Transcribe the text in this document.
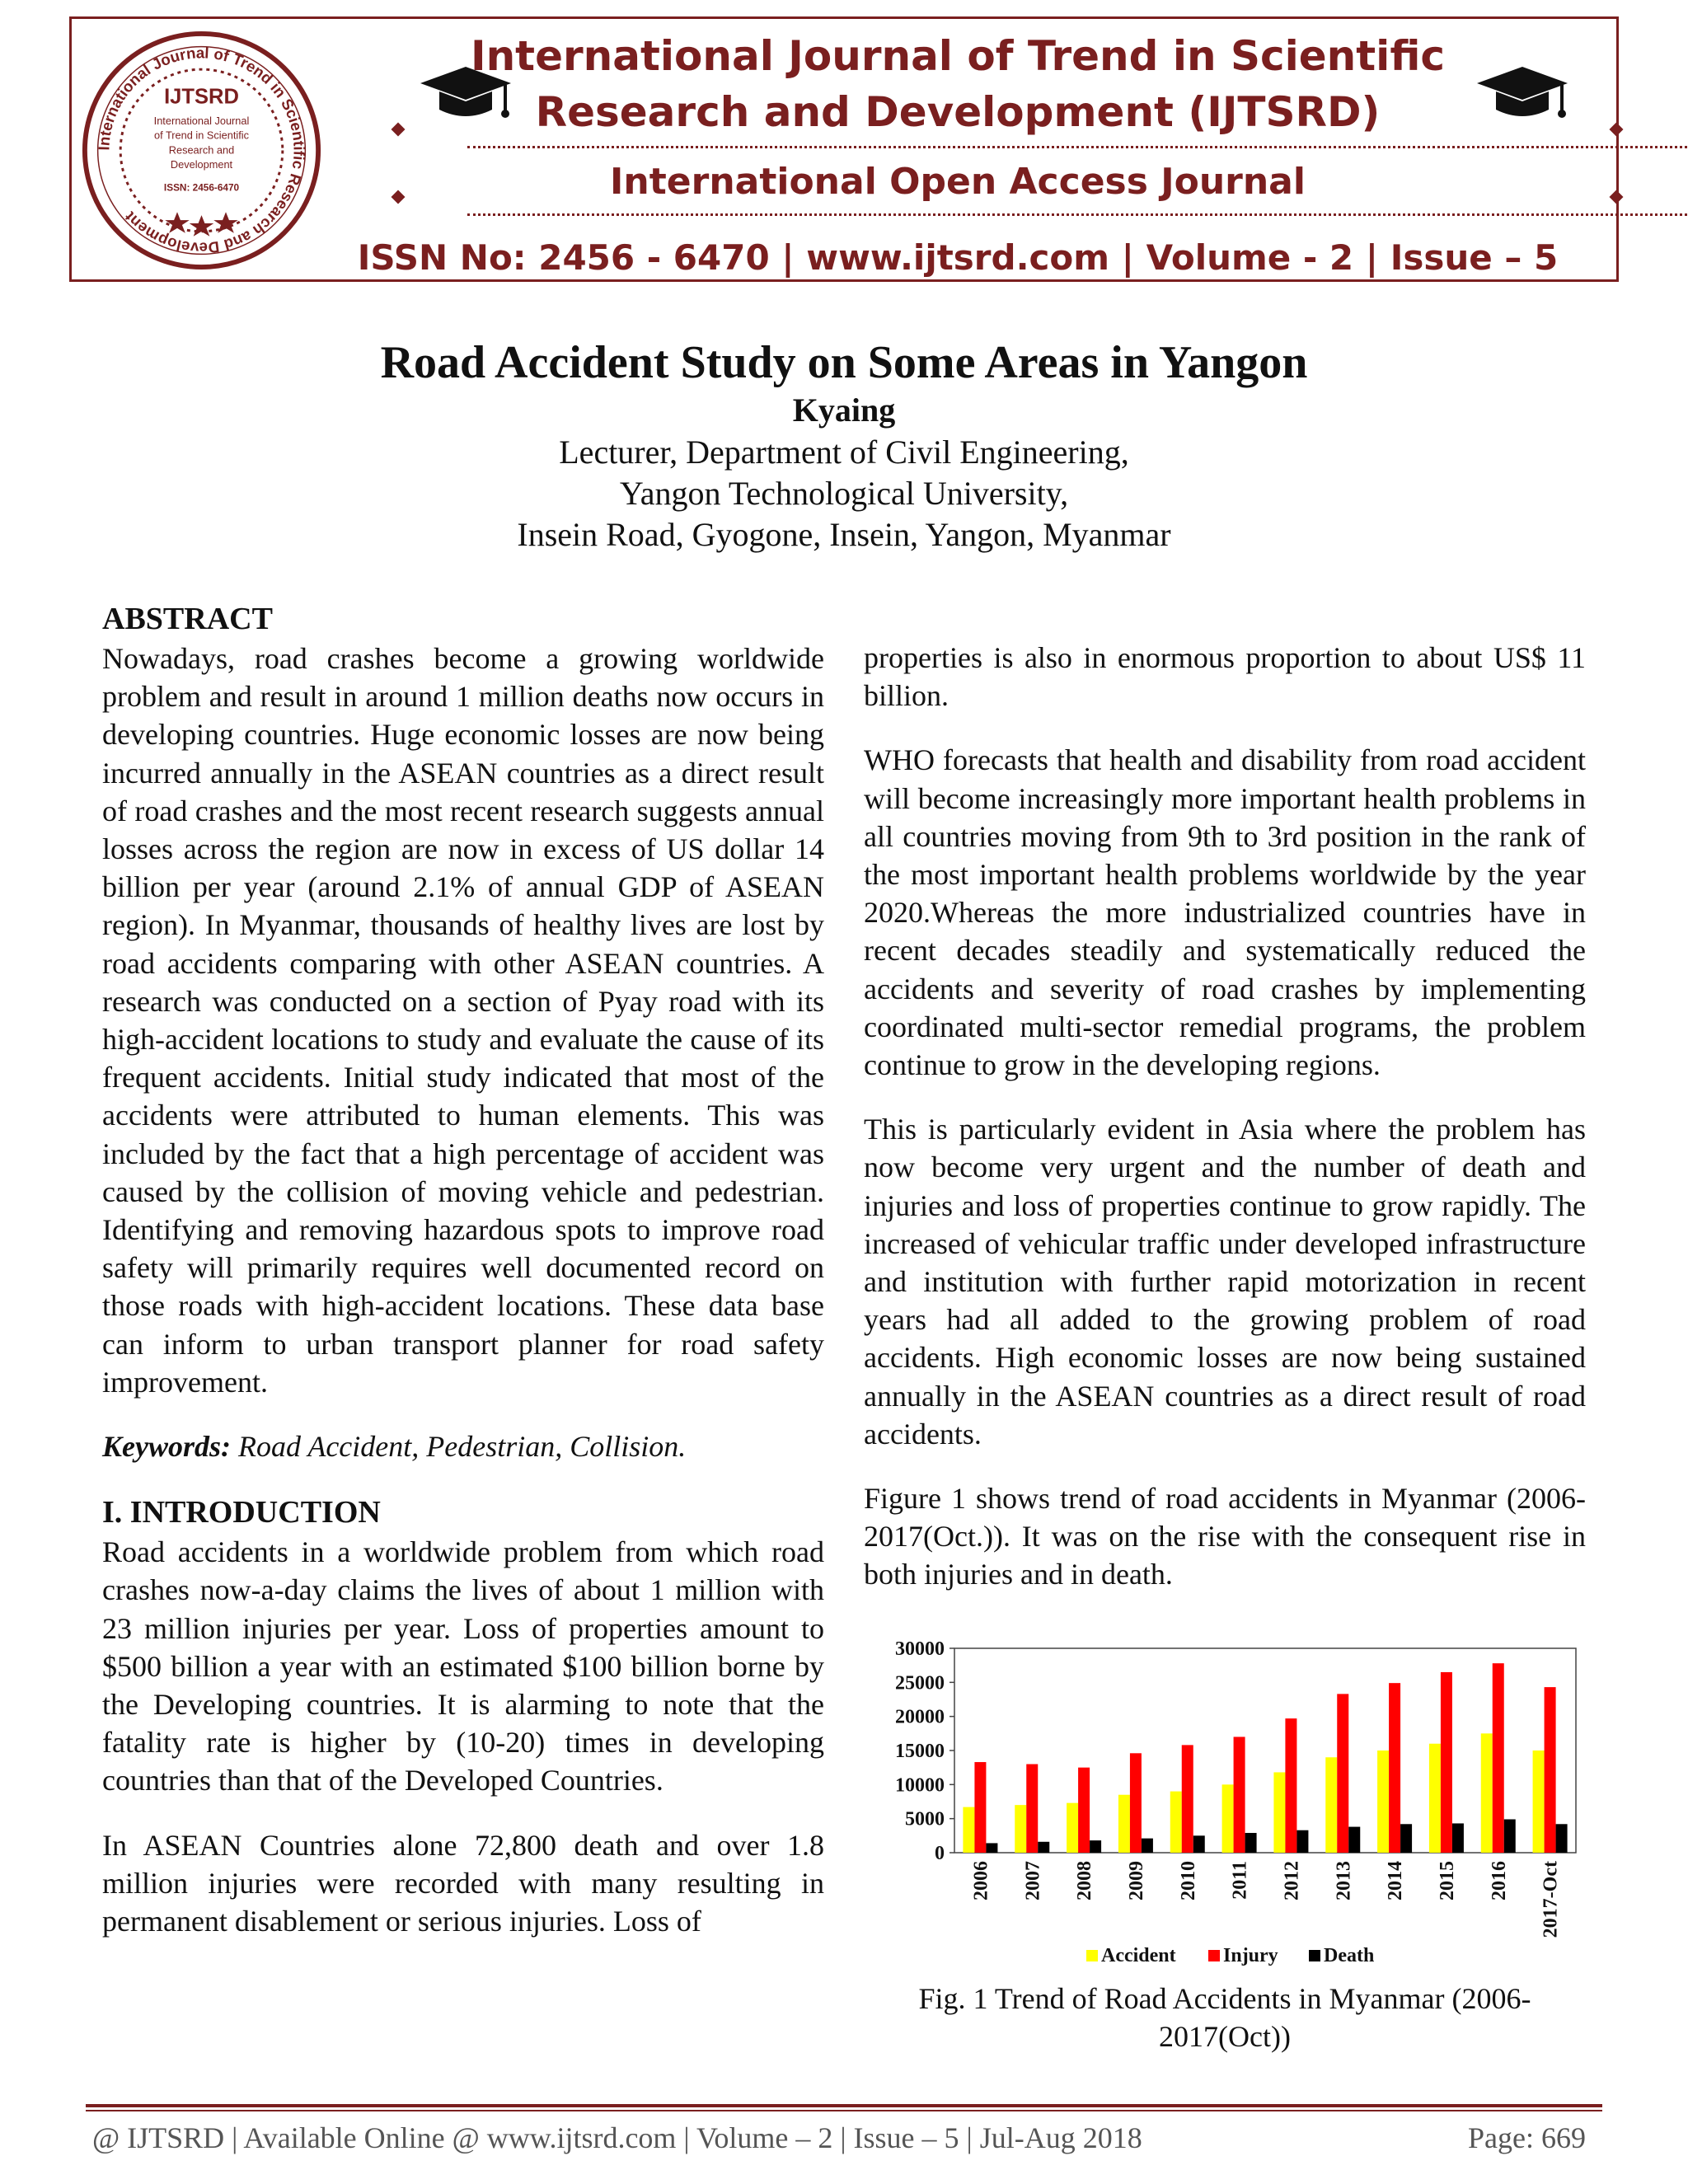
International Journal of Trend in Scientific Research and Development
IJTSRD
International Journal
of Trend in Scientific
Research and
Development
ISSN: 2456-6470
International Journal of Trend in Scientific
Research and Development (IJTSRD)
International Open Access Journal
ISSN No: 2456 - 6470 | www.ijtsrd.com | Volume - 2 | Issue – 5
Road Accident Study on Some Areas in Yangon
Kyaing
Lecturer, Department of Civil Engineering,
Yangon Technological University,
Insein Road, Gyogone, Insein, Yangon, Myanmar
ABSTRACT

Nowadays, road crashes become a growing worldwide problem and result in around 1 million deaths now occurs in developing countries. Huge economic losses are now being incurred annually in the ASEAN countries as a direct result of road crashes and the most recent research suggests annual losses across the region are now in excess of US dollar 14 billion per year (around 2.1% of annual GDP of ASEAN region). In Myanmar, thousands of healthy lives are lost by road accidents comparing with other ASEAN countries. A research was conducted on a section of Pyay road with its high-accident locations to study and evaluate the cause of its frequent accidents. Initial study indicated that most of the accidents were attributed to human elements. This was included by the fact that a high percentage of accident was caused by the collision of moving vehicle and pedestrian. Identifying and removing hazardous spots to improve road safety will primarily requires well documented record on those roads with high-accident locations. These data base can inform to urban transport planner for road safety improvement.

Keywords: Road Accident, Pedestrian, Collision.

I. INTRODUCTION

Road accidents in a worldwide problem from which road crashes now-a-day claims the lives of about 1 million with 23 million injuries per year. Loss of properties amount to $500 billion a year with an estimated $100 billion borne by the Developing countries. It is alarming to note that the fatality rate is higher by (10-20) times in developing countries than that of the Developed Countries.

In ASEAN Countries alone 72,800 death and over 1.8 million injuries were recorded with many resulting in permanent disablement or serious injuries. Loss of

properties is also in enormous proportion to about US$ 11 billion.

WHO forecasts that health and disability from road accident will become increasingly more important health problems in all countries moving from 9th to 3rd position in the rank of the most important health problems worldwide by the year 2020.Whereas the more industrialized countries have in recent decades steadily and systematically reduced the accidents and severity of road crashes by implementing coordinated multi-sector remedial programs, the problem continue to grow in the developing regions.

This is particularly evident in Asia where the problem has now become very urgent and the number of death and injuries and loss of properties continue to grow rapidly. The increased of vehicular traffic under developed infrastructure and institution with further rapid motorization in recent years had all added to the growing problem of road accidents. High economic losses are now being sustained annually in the ASEAN countries as a direct result of road accidents.

Figure 1 shows trend of road accidents in Myanmar (2006-2017(Oct.)). It was on the rise with the consequent rise in both injuries and in death.

0
5000
10000
15000
20000
25000
30000
2006 2007 2008 2009 2010 2011 2012 2013 2014 2015 2016 2017-Oct
Accident Injury Death
Fig. 1 Trend of Road Accidents in Myanmar (2006-2017(Oct))
@ IJTSRD | Available Online @ www.ijtsrd.com | Volume – 2 | Issue – 5 | Jul-Aug 2018	Page: 669
